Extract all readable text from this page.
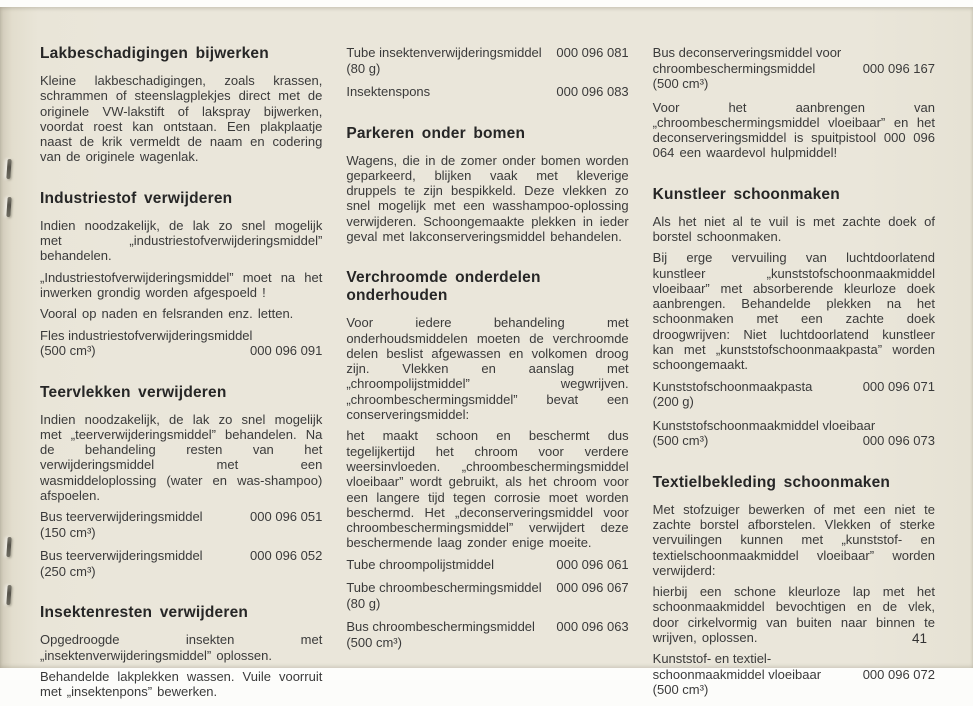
Lakbeschadigingen bijwerken

Kleine lakbeschadigingen, zoals krassen, schrammen of steenslagplekjes direct met de originele VW-lakstift of lakspray bijwerken, voordat roest kan ontstaan. Een plakplaatje naast de krik vermeldt de naam en codering van de originele wagenlak.

Industriestof verwijderen

Indien noodzakelijk, de lak zo snel mogelijk met „industriestofverwijderingsmiddel” behandelen.

„Industriestofverwijderingsmiddel” moet na het inwerken grondig worden afgespoeld !

Vooral op naden en felsranden enz. letten.

Fles industriestofverwijderingsmiddel
(500 cm³)	000 096 091
Teervlekken verwijderen

Indien noodzakelijk, de lak zo snel mogelijk met „teerverwijderingsmiddel” behandelen. Na de behandeling resten van het verwijderingsmiddel met een wasmiddeloplossing (water en was-shampoo) afspoelen.

Bus teerverwijderingsmiddel	000 096 051
(150 cm³)
Bus teerverwijderingsmiddel	000 096 052
(250 cm³)
Insektenresten verwijderen

Opgedroogde insekten met „insektenverwijderingsmiddel” oplossen.

Behandelde lakplekken wassen. Vuile voorruit met „insektenpons” bewerken.

Tube insektenverwijderingsmiddel	000 096 081
(80 g)
Insektenspons	000 096 083
Parkeren onder bomen

Wagens, die in de zomer onder bomen worden geparkeerd, blijken vaak met kleverige druppels te zijn bespikkeld. Deze vlekken zo snel mogelijk met een wasshampoo-oplossing verwijderen. Schoongemaakte plekken in ieder geval met lakconserveringsmiddel behandelen.

Verchroomde onderdelen onderhouden

Voor iedere behandeling met onderhoudsmiddelen moeten de verchroomde delen beslist afgewassen en volkomen droog zijn. Vlekken en aanslag met „chroompolijstmiddel” wegwrijven. „chroombeschermingsmiddel” bevat een conserveringsmiddel:

het maakt schoon en beschermt dus tegelijkertijd het chroom voor verdere weersinvloeden. „chroombeschermingsmiddel vloeibaar” wordt gebruikt, als het chroom voor een langere tijd tegen corrosie moet worden beschermd. Het „deconserveringsmiddel voor chroombeschermingsmiddel” verwijdert deze beschermende laag zonder enige moeite.

Tube chroompolijstmiddel	000 096 061
Tube chroombeschermingsmiddel	000 096 067
(80 g)
Bus chroombeschermingsmiddel	000 096 063
(500 cm³)
Bus deconserveringsmiddel voor
chroombeschermingsmiddel	000 096 167
(500 cm³)

Voor het aanbrengen van „chroombeschermingsmiddel vloeibaar” en het deconserveringsmiddel is spuitpistool 000 096 064 een waardevol hulpmiddel!

Kunstleer schoonmaken

Als het niet al te vuil is met zachte doek of borstel schoonmaken.

Bij erge vervuiling van luchtdoorlatend kunstleer „kunststofschoonmaakmiddel vloeibaar” met absorberende kleurloze doek aanbrengen. Behandelde plekken na het schoonmaken met een zachte doek droogwrijven: Niet luchtdoorlatend kunstleer kan met „kunststofschoonmaakpasta” worden schoongemaakt.

Kunststofschoonmaakpasta	000 096 071
(200 g)
Kunststofschoonmaakmiddel vloeibaar
(500 cm³)	000 096 073
Textielbekleding schoonmaken

Met stofzuiger bewerken of met een niet te zachte borstel afborstelen. Vlekken of sterke vervuilingen kunnen met „kunststof- en textielschoonmaakmiddel vloeibaar” worden verwijderd:

hierbij een schone kleurloze lap met het schoonmaakmiddel bevochtigen en de vlek, door cirkelvormig van buiten naar binnen te wrijven, oplossen.

Kunststof- en textiel-
schoonmaakmiddel vloeibaar	000 096 072
(500 cm³)
41
